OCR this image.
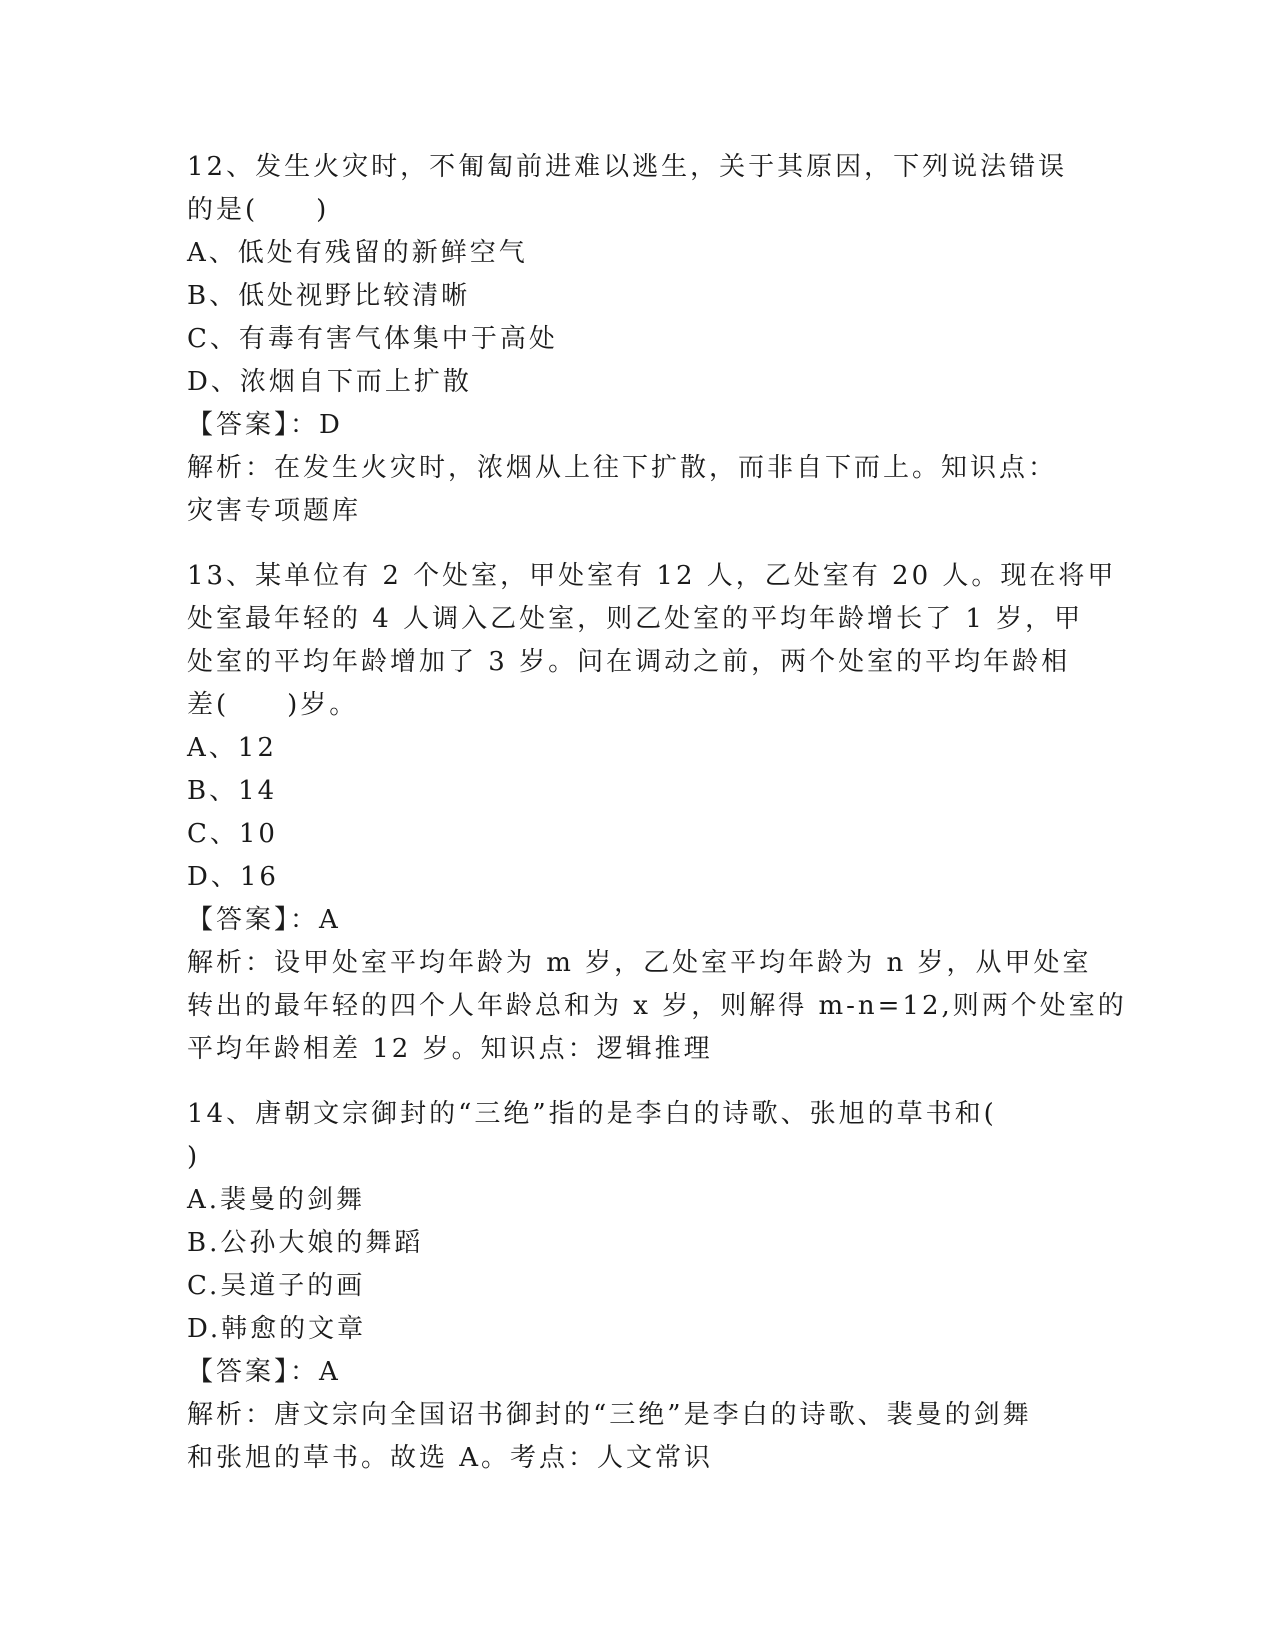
12、发生火灾时，不匍匐前进难以逃生，关于其原因，下列说法错误
的是(　　)
A、低处有残留的新鲜空气
B、低处视野比较清晰
C、有毒有害气体集中于高处
D、浓烟自下而上扩散
【答案】：D
解析：在发生火灾时，浓烟从上往下扩散，而非自下而上。知识点：
灾害专项题库
13、某单位有 2 个处室，甲处室有 12 人，乙处室有 20 人。现在将甲
处室最年轻的 4 人调入乙处室，则乙处室的平均年龄增长了 1 岁，甲
处室的平均年龄增加了 3 岁。问在调动之前，两个处室的平均年龄相
差(　　)岁。
A、12
B、14
C、10
D、16
【答案】：A
解析：设甲处室平均年龄为 m 岁，乙处室平均年龄为 n 岁，从甲处室
转出的最年轻的四个人年龄总和为 x 岁，则解得 m-n=12,则两个处室的
平均年龄相差 12 岁。知识点：逻辑推理
14、唐朝文宗御封的“三绝”指的是李白的诗歌、张旭的草书和(
)
A.裴曼的剑舞
B.公孙大娘的舞蹈
C.吴道子的画
D.韩愈的文章
【答案】：A
解析：唐文宗向全国诏书御封的“三绝”是李白的诗歌、裴曼的剑舞
和张旭的草书。故选 A。考点：人文常识
